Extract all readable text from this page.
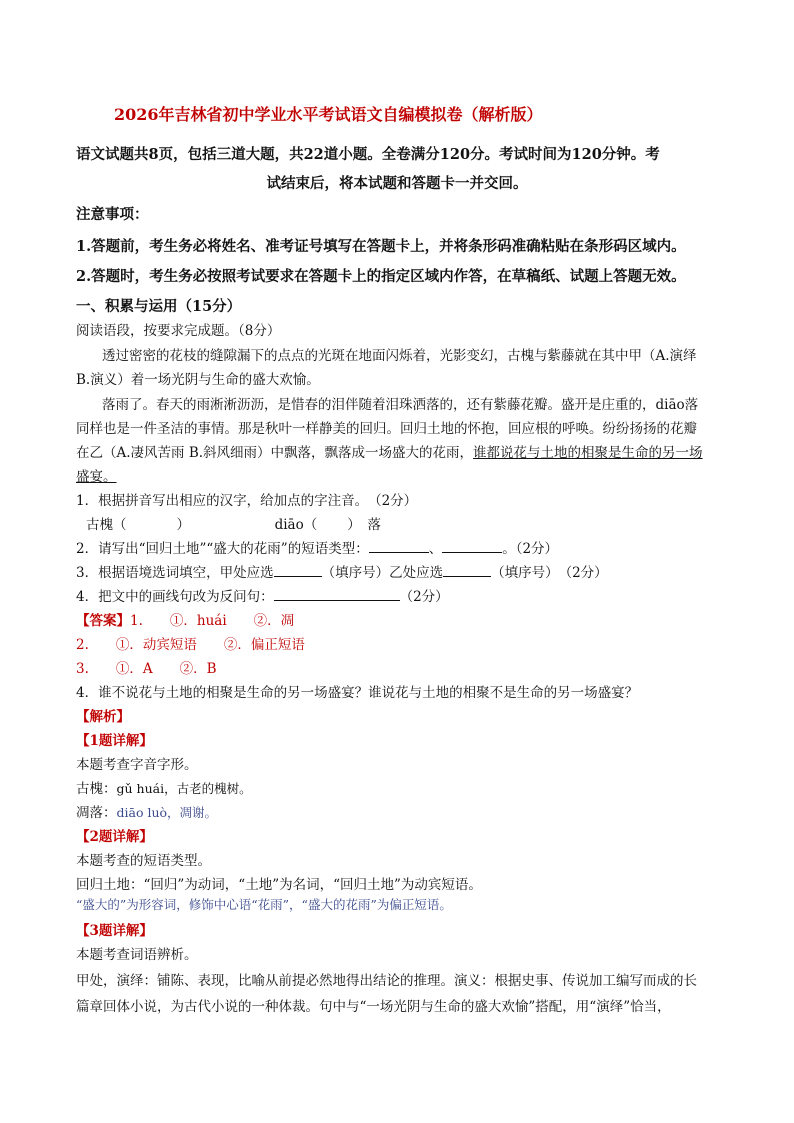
2026年吉林省初中学业水平考试语文自编模拟卷（解析版）
语文试题共8页，包括三道大题，共22道小题。全卷满分120分。考试时间为120分钟。考
试结束后，将本试题和答题卡一并交回。
注意事项：
1.答题前，考生务必将姓名、准考证号填写在答题卡上，并将条形码准确粘贴在条形码区域内。
2.答题时，考生务必按照考试要求在答题卡上的指定区域内作答，在草稿纸、试题上答题无效。
一、积累与运用（15分）
阅读语段，按要求完成题。（8分）
透过密密的花枝的缝隙漏下的点点的光斑在地面闪烁着，光影变幻，古槐与紫藤就在其中甲（A.演绎
B.演义）着一场光阴与生命的盛大欢愉。
落雨了。春天的雨淅淅沥沥，是惜春的泪伴随着泪珠洒落的，还有紫藤花瓣。盛开是庄重的，diāo落
同样也是一件圣洁的事情。那是秋叶一样静美的回归。回归土地的怀抱，回应根的呼唤。纷纷扬扬的花瓣
在乙（A.凄风苦雨 B.斜风细雨）中飘落，飘落成一场盛大的花雨，谁都说花与土地的相聚是生命的另一场
盛宴。
1．根据拼音写出相应的汉字，给加点的字注音。　（2分）
古槐（	）	diāo（ ）　落
2．请写出“回归土地”“盛大的花雨”的短语类型：	、	。（2分）
3．根据语境选词填空，甲处应选	（填序号）乙处应选	（填序号）　（2分）
4．把文中的画线句改为反问句：	（2分）
【答案】1.　　①．huái　　②．凋
2.　　①．动宾短语　　②．偏正短语
3.　　①．A　　②．B
4．谁不说花与土地的相聚是生命的另一场盛宴？谁说花与土地的相聚不是生命的另一场盛宴？
【解析】
【1题详解】
本题考查字音字形。
古槐：gǔ huái，古老的槐树。
凋落：diāo luò，凋谢。
【2题详解】
本题考查的短语类型。
回归土地：“回归”为动词，“土地”为名词，“回归土地”为动宾短语。
“盛大的”为形容词，修饰中心语“花雨”，“盛大的花雨”为偏正短语。
【3题详解】
本题考查词语辨析。
甲处，演绎：铺陈、表现，比喻从前提必然地得出结论的推理。演义：根据史事、传说加工编写而成的长
篇章回体小说，为古代小说的一种体裁。句中与“一场光阴与生命的盛大欢愉”搭配，用“演绎”恰当，
